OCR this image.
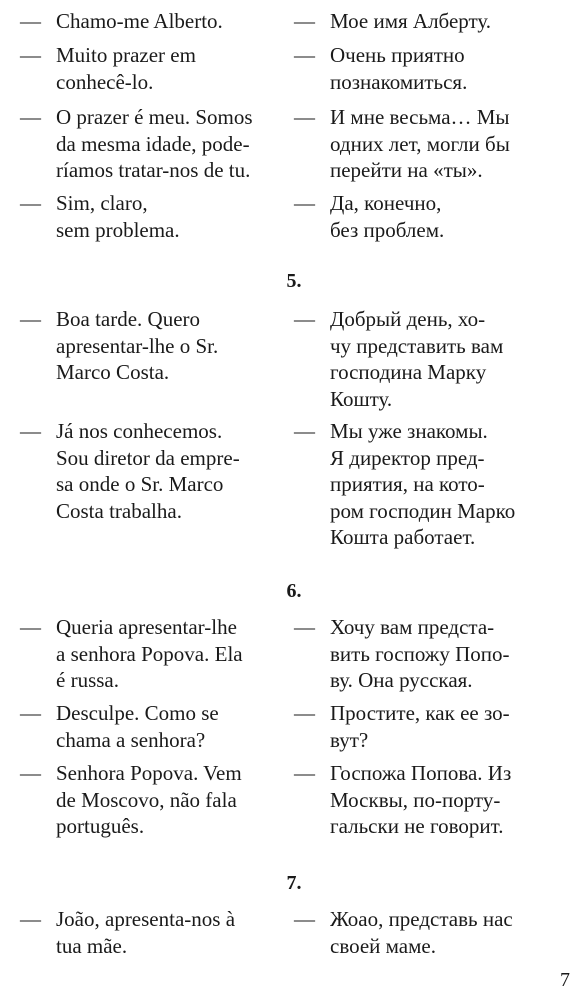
— Chamo-me Alberto.	— Мое имя Алберту.
— Muito prazer em
conhecê-lo.
— Очень приятно
познакомиться.
— O prazer é meu. Somos
da mesma idade, pode-
ríamos tratar-nos de tu.
— И мне весьма… Мы
одних лет, могли бы
перейти на «ты».
— Sim, claro,
sem problema.
— Да, конечно,
без проблем.
5.
— Boa tarde. Quero
apresentar-lhe o Sr.
Marco Costa.
— Добрый день, хо-
чу представить вам
господина Марку
Кошту.
— Já nos conhecemos.
Sou diretor da empre-
sa onde o Sr. Marco
Costa trabalha.
— Мы уже знакомы.
Я директор пред-
приятия, на кото-
ром господин Марко
Кошта работает.
6.
— Queria apresentar-lhe
a senhora Popova. Ela
é russa.
— Хочу вам предста-
вить госпожу Попо-
ву. Она русская.
— Desculpe. Como se
chama a senhora?
— Простите, как ее зо-
вут?
— Senhora Popova. Vem
de Moscovo, não fala
português.
— Госпожа Попова. Из
Москвы, по-порту-
гальски не говорит.
7.
— João, apresenta-nos à
tua mãe.
— Жоао, представь нас
своей маме.
7
